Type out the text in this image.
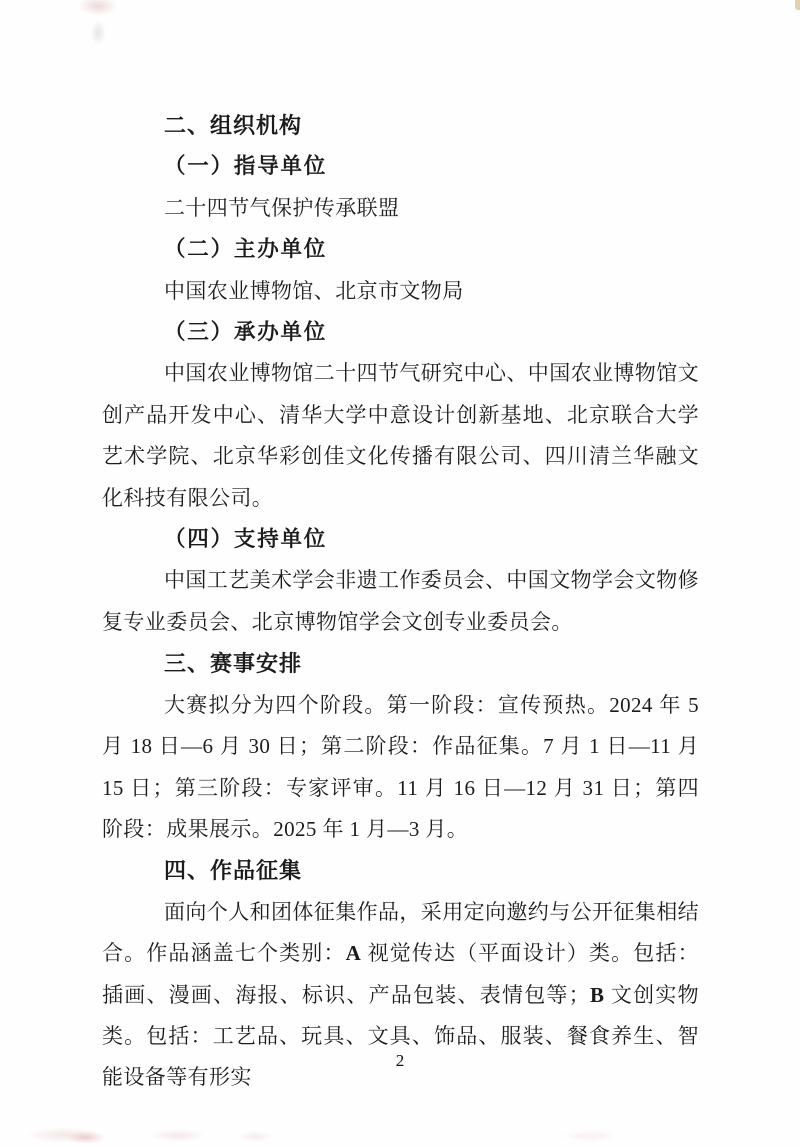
二、组织机构

（一）指导单位

二十四节气保护传承联盟

（二）主办单位

中国农业博物馆、北京市文物局

（三）承办单位

中国农业博物馆二十四节气研究中心、中国农业博物馆文创产品开发中心、清华大学中意设计创新基地、北京联合大学艺术学院、北京华彩创佳文化传播有限公司、四川清兰华融文化科技有限公司。

（四）支持单位

中国工艺美术学会非遗工作委员会、中国文物学会文物修复专业委员会、北京博物馆学会文创专业委员会。

三、赛事安排

大赛拟分为四个阶段。第一阶段：宣传预热。2024 年 5 月 18 日—6 月 30 日；第二阶段：作品征集。7 月 1 日—11 月 15 日；第三阶段：专家评审。11 月 16 日—12 月 31 日；第四阶段：成果展示。2025 年 1 月—3 月。

四、作品征集

面向个人和团体征集作品，采用定向邀约与公开征集相结合。作品涵盖七个类别：A 视觉传达（平面设计）类。包括：插画、漫画、海报、标识、产品包装、表情包等；B 文创实物类。包括：工艺品、玩具、文具、饰品、服装、餐食养生、智能设备等有形实

2
